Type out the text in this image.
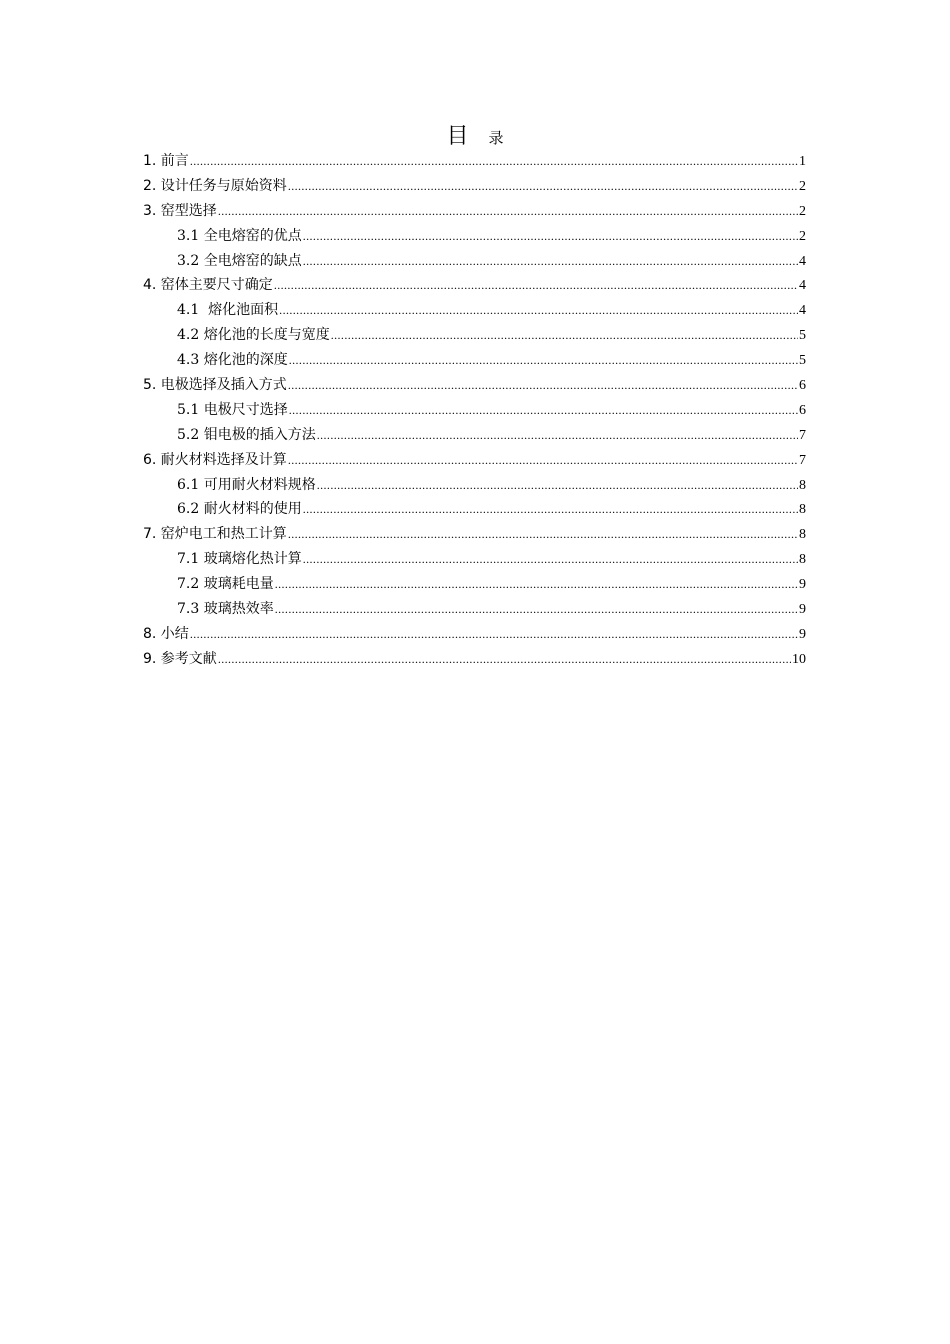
目 录
1. 前言 .....	1
2. 设计任务与原始资料 .....	2
3. 窑型选择 .....	2
3.1 全电熔窑的优点 .....	2
3.2 全电熔窑的缺点 .....	4
4. 窑体主要尺寸确定 .....	4
4.1  熔化池面积 .....	4
4.2 熔化池的长度与宽度 .....	5
4.3 熔化池的深度 .....	5
5. 电极选择及插入方式 .....	6
5.1 电极尺寸选择 .....	6
5.2 钼电极的插入方法 .....	7
6. 耐火材料选择及计算 .....	7
6.1 可用耐火材料规格 .....	8
6.2 耐火材料的使用 .....	8
7. 窑炉电工和热工计算 .....	8
7.1 玻璃熔化热计算 .....	8
7.2 玻璃耗电量 .....	9
7.3 玻璃热效率 .....	9
8. 小结 .....	9
9. 参考文献 .....	10
